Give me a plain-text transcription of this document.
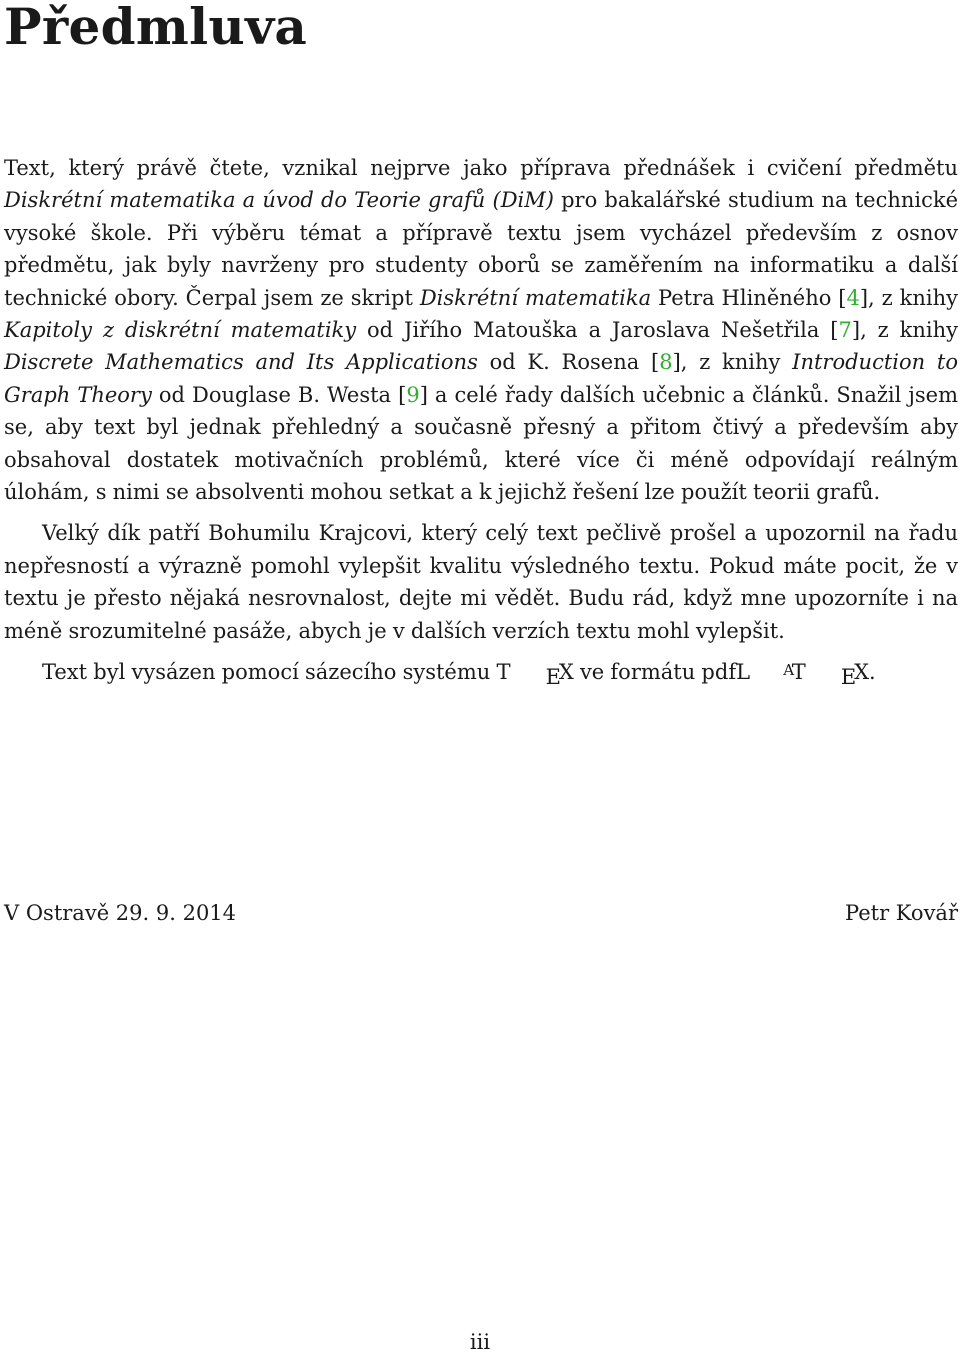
Předmluva

Text, který právě čtete, vznikal nejprve jako příprava přednášek i cvičení předmětu Diskrétní matematika a úvod do Teorie grafů (DiM) pro bakalářské studium na technické vysoké škole. Při výběru témat a přípravě textu jsem vycházel především z osnov předmětu, jak byly navrženy pro studenty oborů se zaměřením na informatiku a další technické obory. Čerpal jsem ze skript Diskrétní matematika Petra Hliněného [4], z knihy Kapitoly z diskrétní matematiky od Jiřího Matouška a Jaroslava Nešetřila [7], z knihy Discrete Mathematics and Its Applications od K. Rosena [8], z knihy Introduction to Graph Theory od Douglase B. Westa [9] a celé řady dalších učebnic a článků. Snažil jsem se, aby text byl jednak přehledný a současně přesný a přitom čtivý a především aby obsahoval dostatek motivačních problémů, které více či méně odpovídají reálným úlohám, s nimi se absolventi mohou setkat a k jejichž řešení lze použít teorii grafů.

Velký dík patří Bohumilu Krajcovi, který celý text pečlivě prošel a upozornil na řadu nepřesností a výrazně pomohl vylepšit kvalitu výsledného textu. Pokud máte pocit, že v textu je přesto nějaká nesrovnalost, dejte mi vědět. Budu rád, když mne upozorníte i na méně srozumitelné pasáže, abych je v dalších verzích textu mohl vylepšit.

Text byl vysázen pomocí sázecího systému T EX ve formátu pdfL AT EX.

V Ostravě 29. 9. 2014	Petr Kovář
iii
